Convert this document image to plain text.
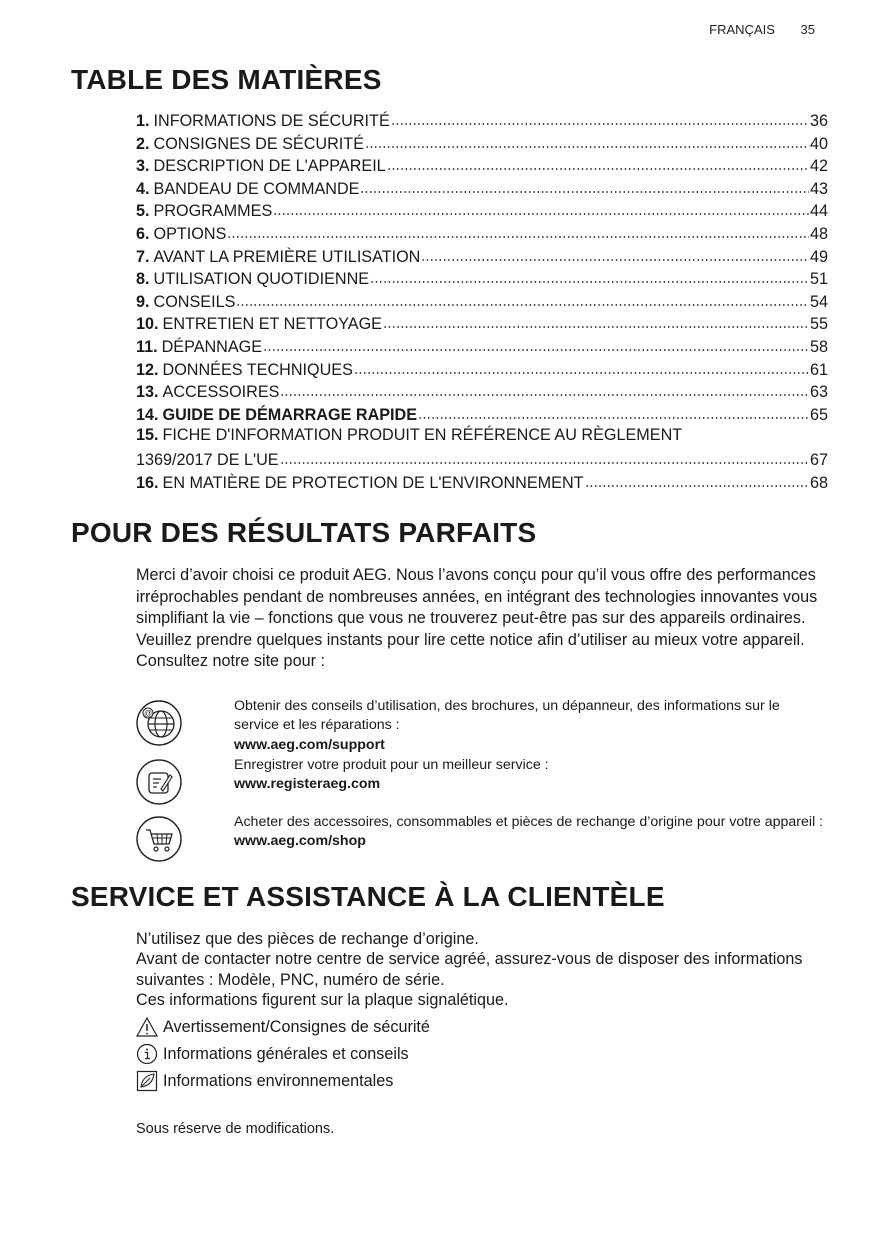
FRANÇAIS 35
TABLE DES MATIÈRES
1. INFORMATIONS DE SÉCURITÉ	36
2. CONSIGNES DE SÉCURITÉ	40
3. DESCRIPTION DE L'APPAREIL	42
4. BANDEAU DE COMMANDE	43
5. PROGRAMMES	44
6. OPTIONS	48
7. AVANT LA PREMIÈRE UTILISATION	49
8. UTILISATION QUOTIDIENNE	51
9. CONSEILS	54
10. ENTRETIEN ET NETTOYAGE	55
11. DÉPANNAGE	58
12. DONNÉES TECHNIQUES	61
13. ACCESSOIRES	63
14. GUIDE DE DÉMARRAGE RAPIDE	65
15. FICHE D'INFORMATION PRODUIT EN RÉFÉRENCE AU RÈGLEMENT
1369/2017 DE L'UE	67
16. EN MATIÈRE DE PROTECTION DE L'ENVIRONNEMENT	68
POUR DES RÉSULTATS PARFAITS

Merci d’avoir choisi ce produit AEG. Nous l’avons conçu pour qu’il vous offre des performances irréprochables pendant de nombreuses années, en intégrant des technologies innovantes vous simplifiant la vie – fonctions que vous ne trouverez peut-être pas sur des appareils ordinaires. Veuillez prendre quelques instants pour lire cette notice afin d’utiliser au mieux votre appareil.

Consultez notre site pour :

@	Obtenir des conseils d’utilisation, des brochures, un dépanneur, des informations sur le service et les réparations :
www.aeg.com/support
Enregistrer votre produit pour un meilleur service :
www.registeraeg.com
Acheter des accessoires, consommables et pièces de rechange d’origine pour votre appareil :
www.aeg.com/shop
SERVICE ET ASSISTANCE À LA CLIENTÈLE

N’utilisez que des pièces de rechange d’origine.

Avant de contacter notre centre de service agréé, assurez-vous de disposer des informations suivantes : Modèle, PNC, numéro de série.

Ces informations figurent sur la plaque signalétique.

Avertissement/Consignes de sécurité
Informations générales et conseils
Informations environnementales
Sous réserve de modifications.
